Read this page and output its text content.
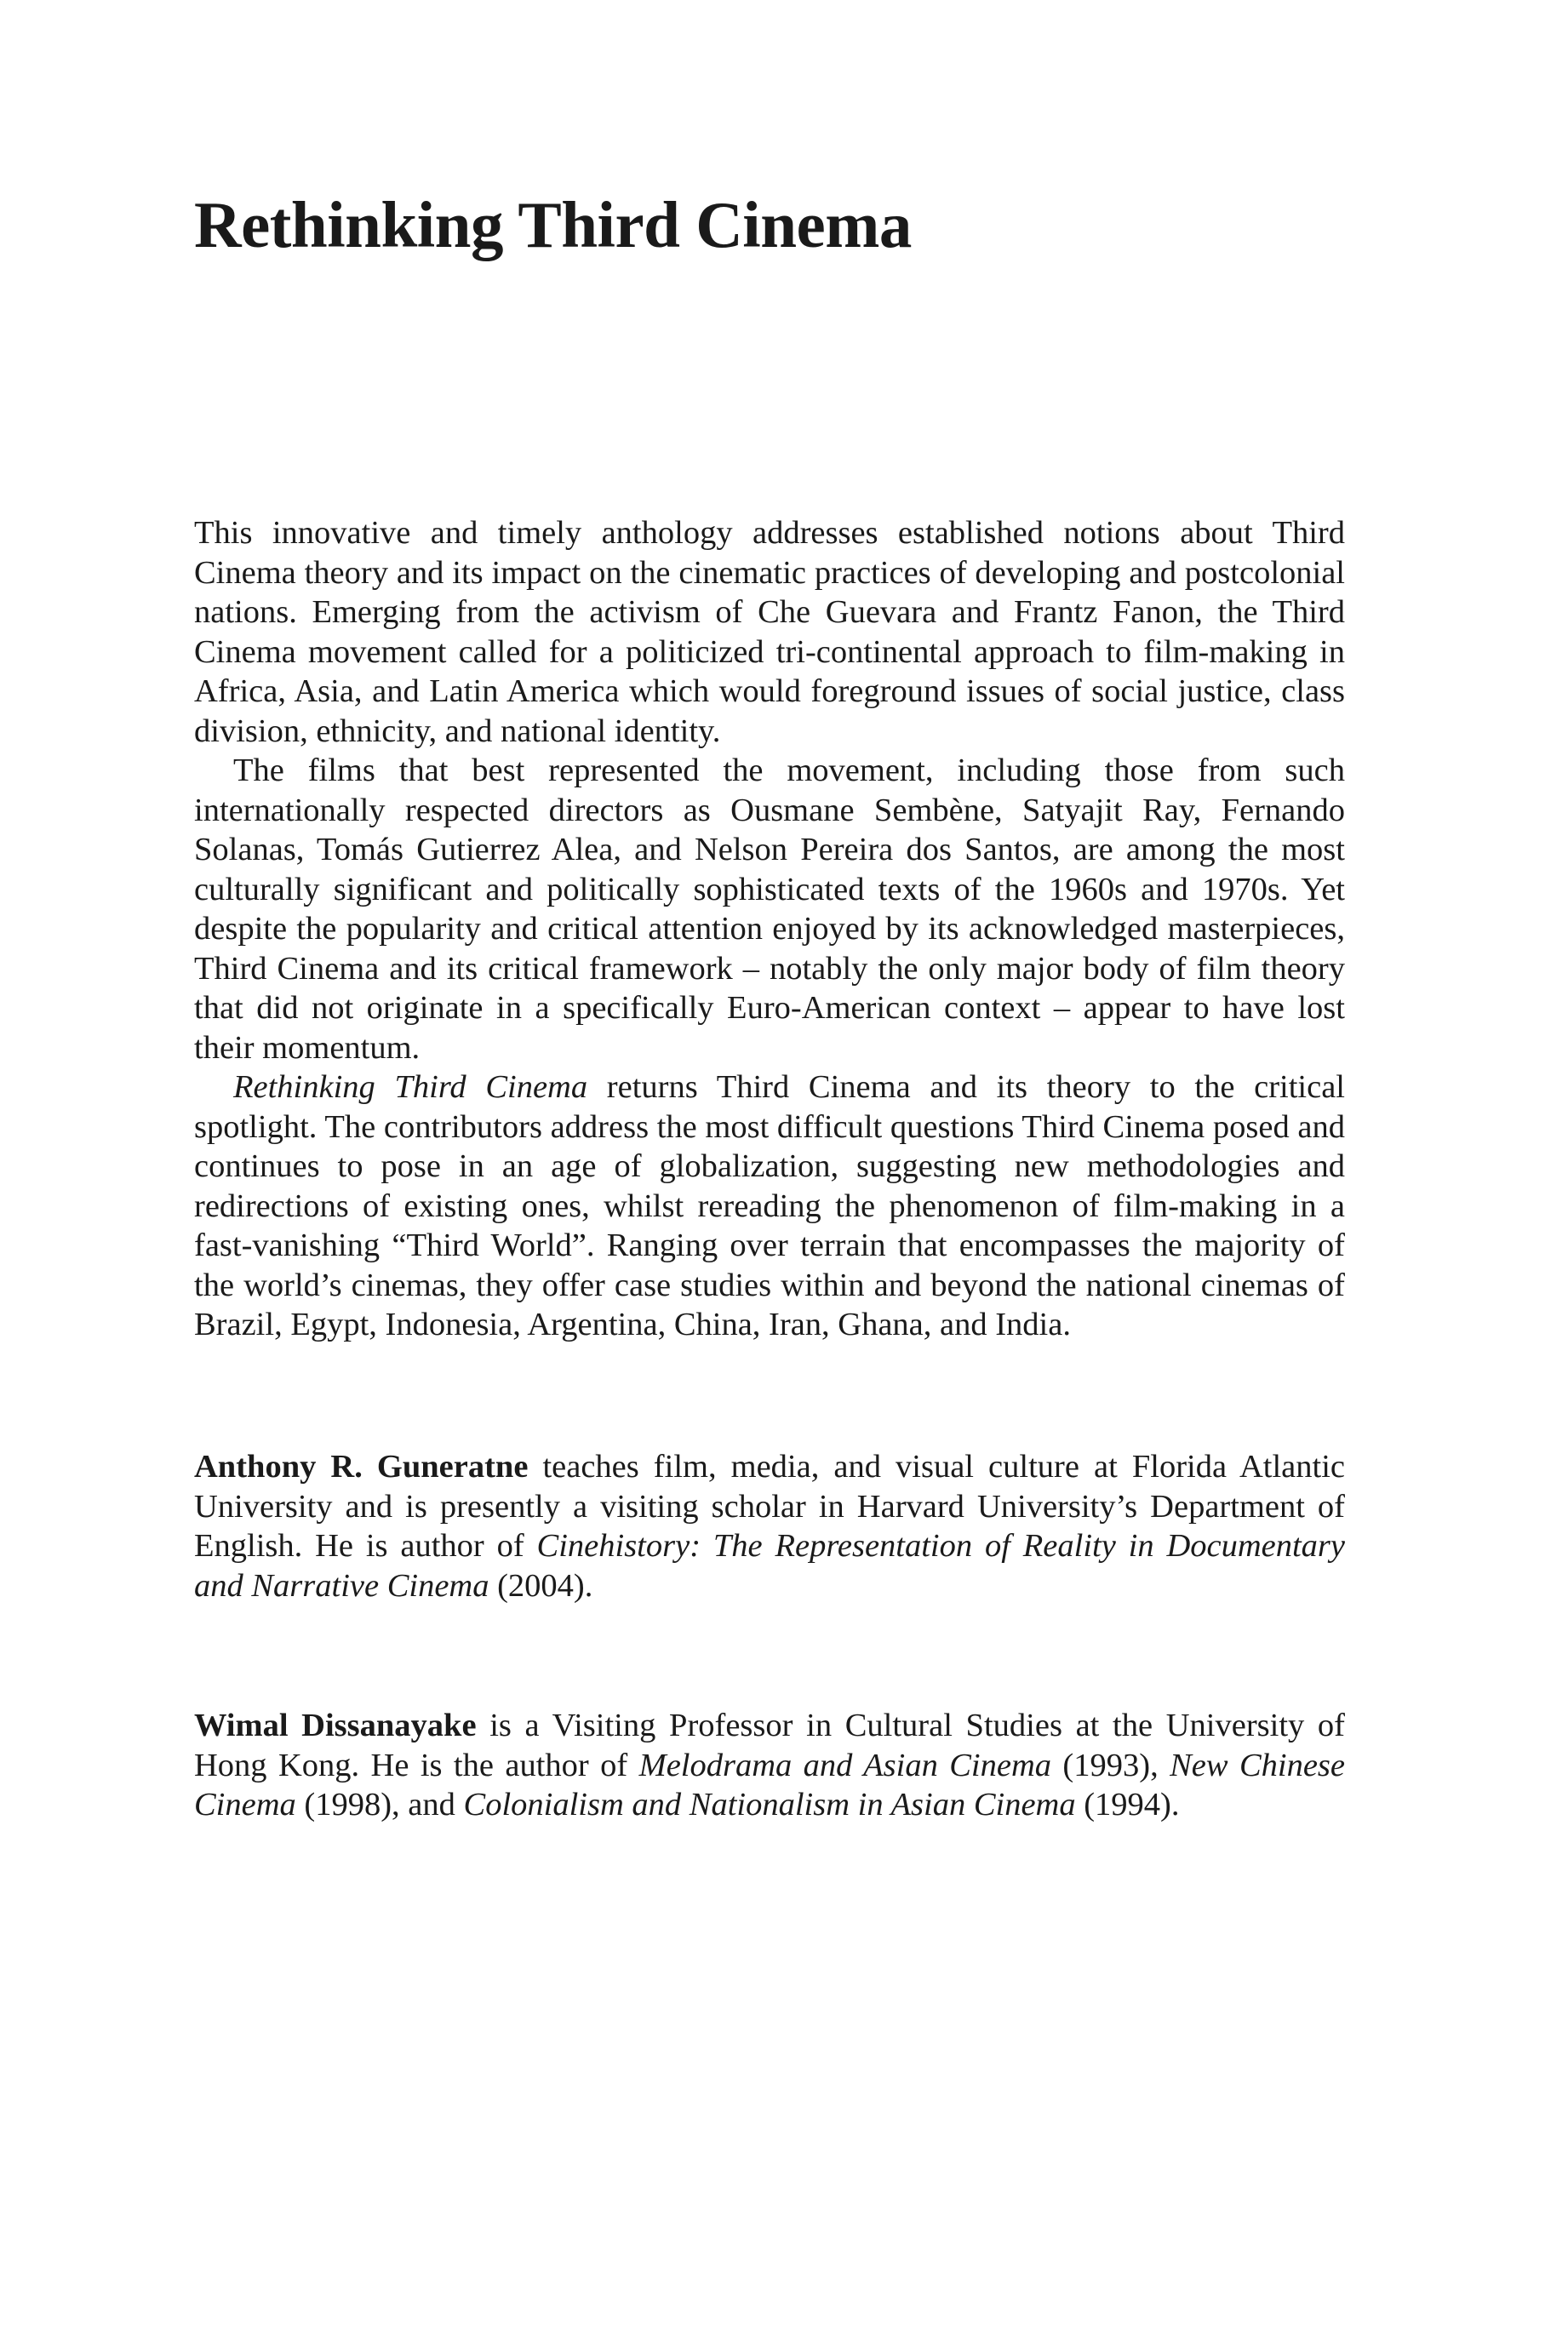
Rethinking Third Cinema

This innovative and timely anthology addresses established notions about Third Cinema theory and its impact on the cinematic practices of developing and postcolonial nations. Emerging from the activism of Che Guevara and Frantz Fanon, the Third Cinema movement called for a politicized tri-continental approach to film-making in Africa, Asia, and Latin America which would foreground issues of social justice, class division, ethnicity, and national identity.

The films that best represented the movement, including those from such internationally respected directors as Ousmane Sembène, Satyajit Ray, Fernando Solanas, Tomás Gutierrez Alea, and Nelson Pereira dos Santos, are among the most culturally significant and politically sophisticated texts of the 1960s and 1970s. Yet despite the popularity and critical attention enjoyed by its acknowledged masterpieces, Third Cinema and its critical framework – notably the only major body of film theory that did not originate in a specifically Euro-American context – appear to have lost their momentum.

Rethinking Third Cinema returns Third Cinema and its theory to the critical spotlight. The contributors address the most difficult questions Third Cinema posed and continues to pose in an age of globalization, suggesting new methodologies and redirections of existing ones, whilst rereading the phenomenon of film-making in a fast-vanishing “Third World”. Ranging over terrain that encompasses the majority of the world’s cinemas, they offer case studies within and beyond the national cinemas of Brazil, Egypt, Indonesia, Argentina, China, Iran, Ghana, and India.

Anthony R. Guneratne teaches film, media, and visual culture at Florida Atlantic University and is presently a visiting scholar in Harvard University’s Department of English. He is author of Cinehistory: The Representation of Reality in Documentary and Narrative Cinema (2004).

Wimal Dissanayake is a Visiting Professor in Cultural Studies at the University of Hong Kong. He is the author of Melodrama and Asian Cinema (1993), New Chinese Cinema (1998), and Colonialism and Nationalism in Asian Cinema (1994).
